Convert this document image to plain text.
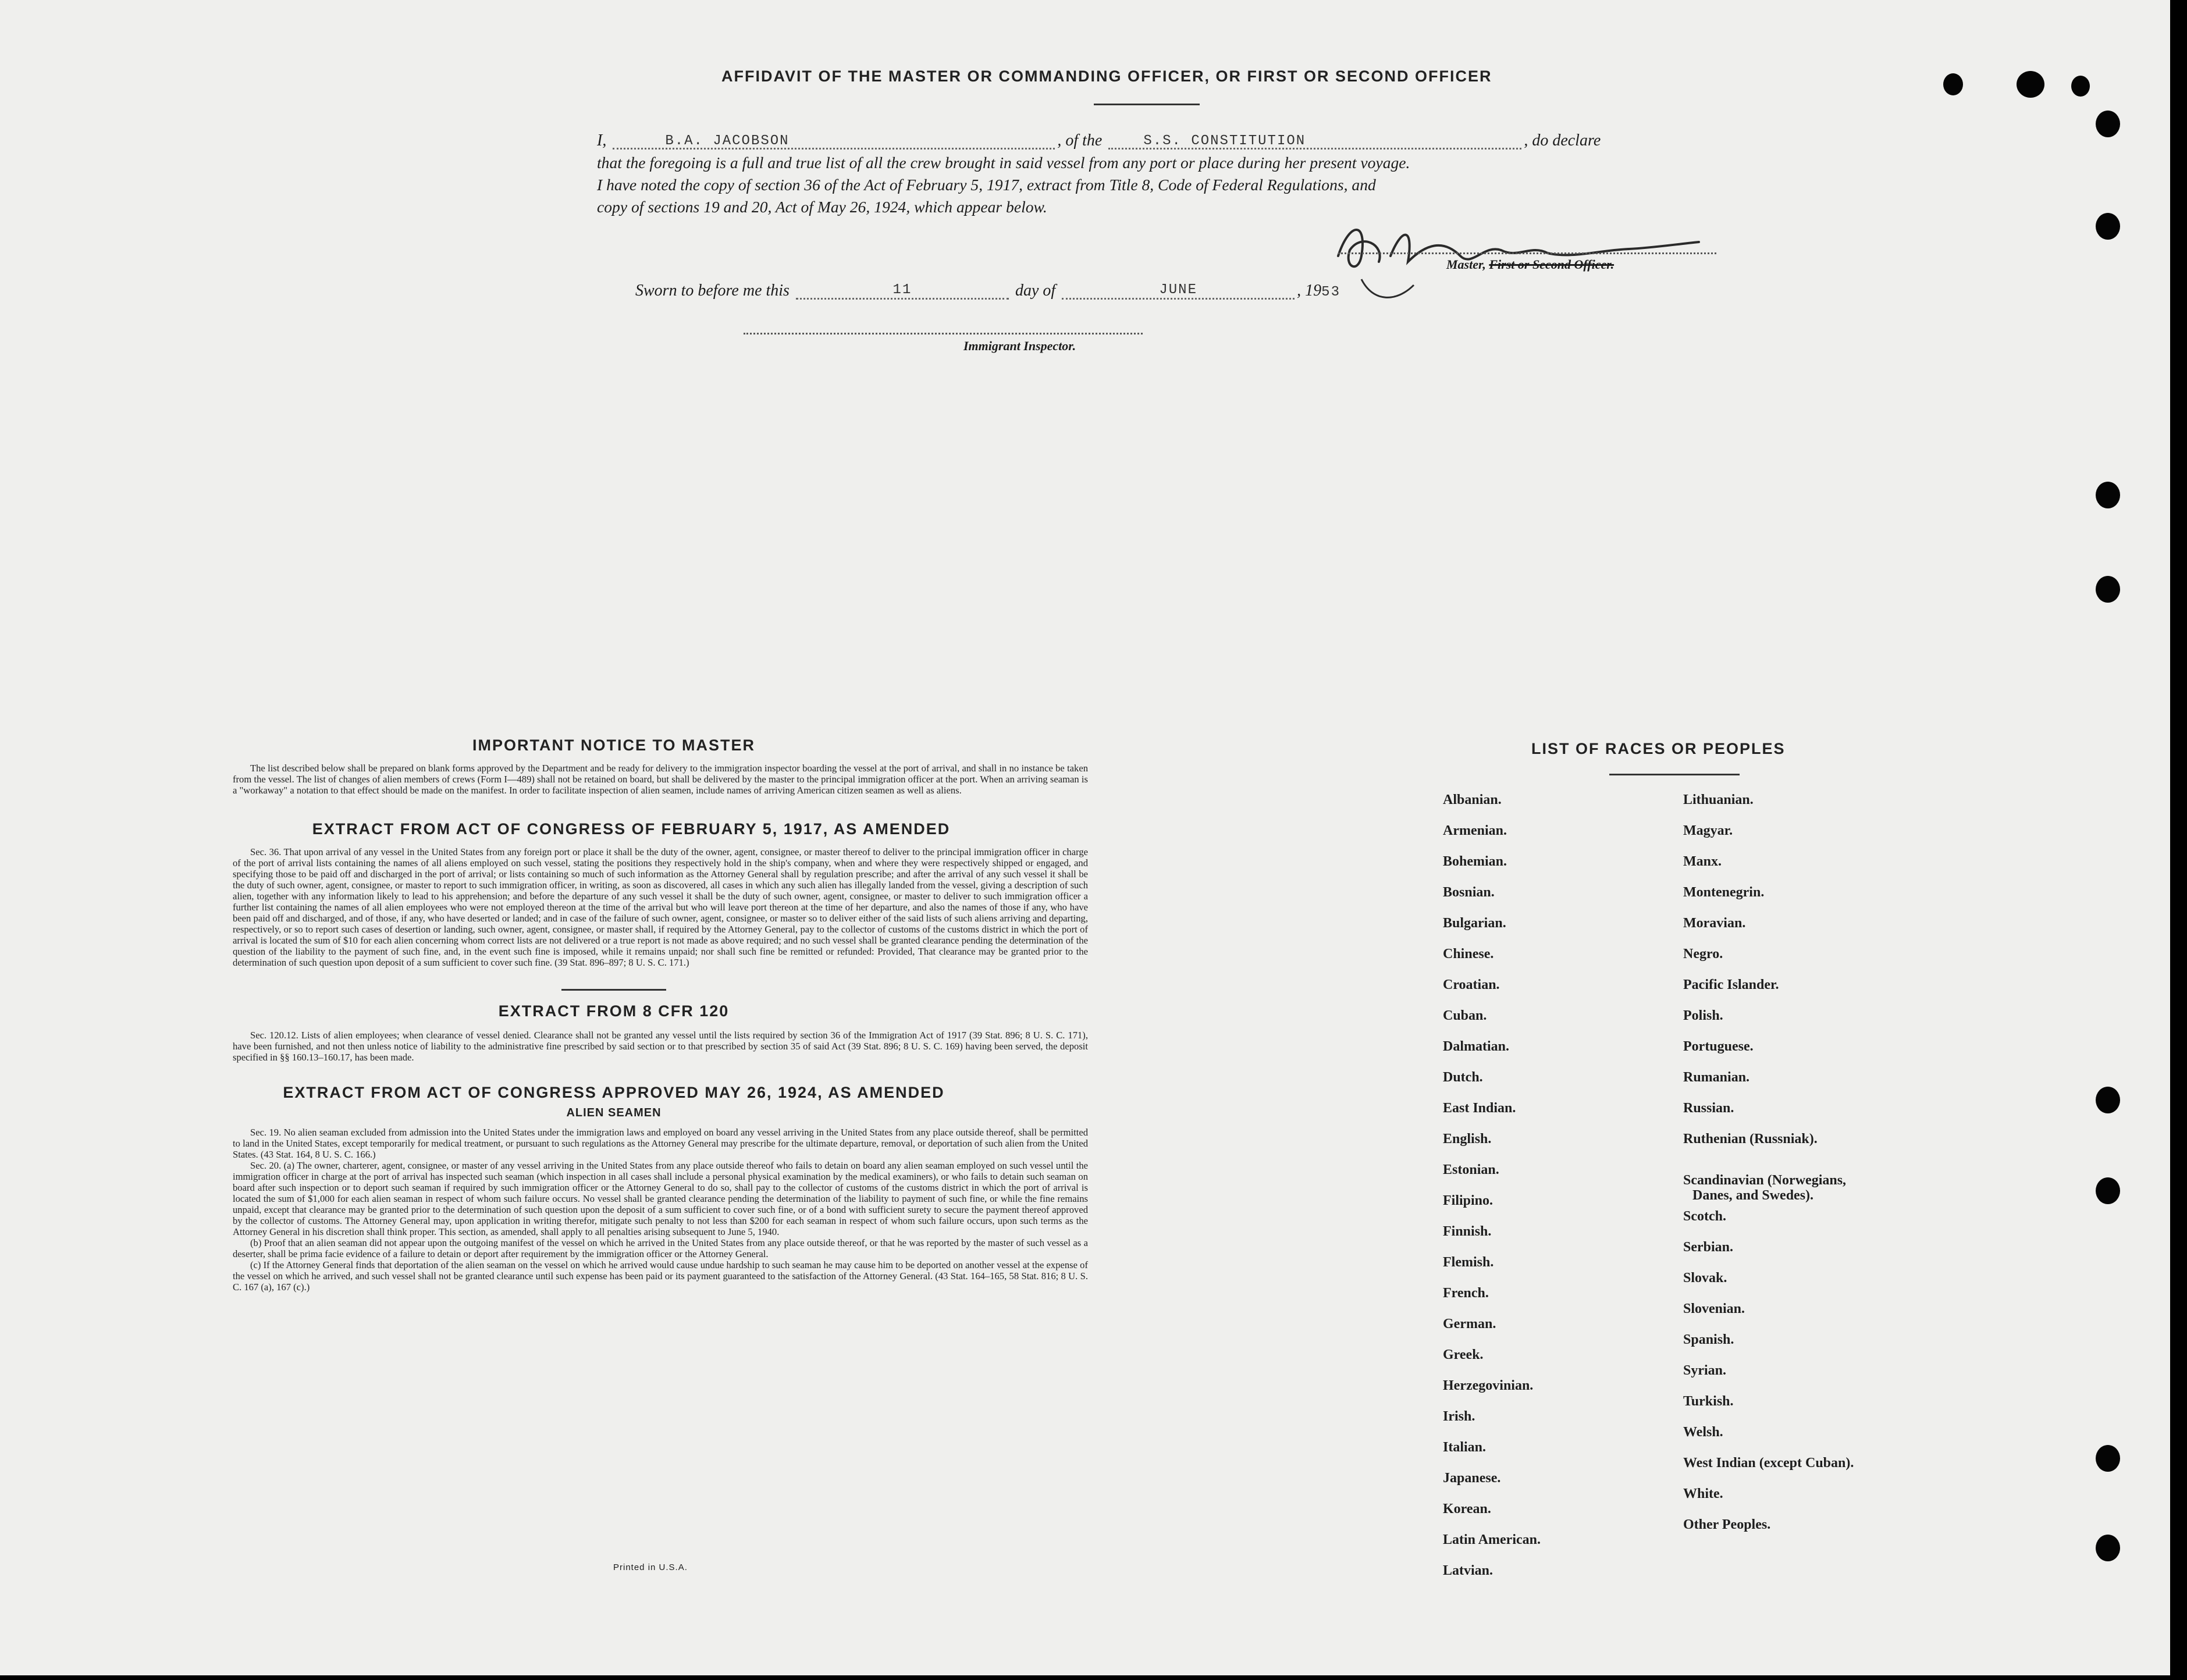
AFFIDAVIT OF THE MASTER OR COMMANDING OFFICER, OR FIRST OR SECOND OFFICER
I,	B.A. JACOBSON	, of the	S.S. CONSTITUTION	, do declare
that the foregoing is a full and true list of all the crew brought in said vessel from any port or place during her present voyage.
I have noted the copy of section 36 of the Act of February 5, 1917, extract from Title 8, Code of Federal Regulations, and
copy of sections 19 and 20, Act of May 26, 1924, which appear below.
Master, First or Second Officer.
Sworn to before me this	11	day of	JUNE	, 1953
Immigrant Inspector.
IMPORTANT NOTICE TO MASTER
The list described below shall be prepared on blank forms approved by the Department and be ready for delivery to the immigration inspector boarding the vessel at the port of arrival, and shall in no instance be taken from the vessel. The list of changes of alien members of crews (Form I—489) shall not be retained on board, but shall be delivered by the master to the principal immigration officer at the port. When an arriving seaman is a "workaway" a notation to that effect should be made on the manifest. In order to facilitate inspection of alien seamen, include names of arriving American citizen seamen as well as aliens.
EXTRACT FROM ACT OF CONGRESS OF FEBRUARY 5, 1917, AS AMENDED
Sec. 36. That upon arrival of any vessel in the United States from any foreign port or place it shall be the duty of the owner, agent, consignee, or master thereof to deliver to the principal immigration officer in charge of the port of arrival lists containing the names of all aliens employed on such vessel, stating the positions they respectively hold in the ship's company, when and where they were respectively shipped or engaged, and specifying those to be paid off and discharged in the port of arrival; or lists containing so much of such information as the Attorney General shall by regulation prescribe; and after the arrival of any such vessel it shall be the duty of such owner, agent, consignee, or master to report to such immigration officer, in writing, as soon as discovered, all cases in which any such alien has illegally landed from the vessel, giving a description of such alien, together with any information likely to lead to his apprehension; and before the departure of any such vessel it shall be the duty of such owner, agent, consignee, or master to deliver to such immigration officer a further list containing the names of all alien employees who were not employed thereon at the time of the arrival but who will leave port thereon at the time of her departure, and also the names of those if any, who have been paid off and discharged, and of those, if any, who have deserted or landed; and in case of the failure of such owner, agent, consignee, or master so to deliver either of the said lists of such aliens arriving and departing, respectively, or so to report such cases of desertion or landing, such owner, agent, consignee, or master shall, if required by the Attorney General, pay to the collector of customs of the customs district in which the port of arrival is located the sum of $10 for each alien concerning whom correct lists are not delivered or a true report is not made as above required; and no such vessel shall be granted clearance pending the determination of the question of the liability to the payment of such fine, and, in the event such fine is imposed, while it remains unpaid; nor shall such fine be remitted or refunded: Provided, That clearance may be granted prior to the determination of such question upon deposit of a sum sufficient to cover such fine. (39 Stat. 896–897; 8 U. S. C. 171.)
EXTRACT FROM 8 CFR 120
Sec. 120.12. Lists of alien employees; when clearance of vessel denied. Clearance shall not be granted any vessel until the lists required by section 36 of the Immigration Act of 1917 (39 Stat. 896; 8 U. S. C. 171), have been furnished, and not then unless notice of liability to the administrative fine prescribed by said section or to that prescribed by section 35 of said Act (39 Stat. 896; 8 U. S. C. 169) having been served, the deposit specified in §§ 160.13–160.17, has been made.
EXTRACT FROM ACT OF CONGRESS APPROVED MAY 26, 1924, AS AMENDED
ALIEN SEAMEN

Sec. 19. No alien seaman excluded from admission into the United States under the immigration laws and employed on board any vessel arriving in the United States from any place outside thereof, shall be permitted to land in the United States, except temporarily for medical treatment, or pursuant to such regulations as the Attorney General may prescribe for the ultimate departure, removal, or deportation of such alien from the United States. (43 Stat. 164, 8 U. S. C. 166.)

Sec. 20. (a) The owner, charterer, agent, consignee, or master of any vessel arriving in the United States from any place outside thereof who fails to detain on board any alien seaman employed on such vessel until the immigration officer in charge at the port of arrival has inspected such seaman (which inspection in all cases shall include a personal physical examination by the medical examiners), or who fails to detain such seaman on board after such inspection or to deport such seaman if required by such immigration officer or the Attorney General to do so, shall pay to the collector of customs of the customs district in which the port of arrival is located the sum of $1,000 for each alien seaman in respect of whom such failure occurs. No vessel shall be granted clearance pending the determination of the liability to payment of such fine, or while the fine remains unpaid, except that clearance may be granted prior to the determination of such question upon the deposit of a sum sufficient to cover such fine, or of a bond with sufficient surety to secure the payment thereof approved by the collector of customs. The Attorney General may, upon application in writing therefor, mitigate such penalty to not less than $200 for each seaman in respect of whom such failure occurs, upon such terms as the Attorney General in his discretion shall think proper. This section, as amended, shall apply to all penalties arising subsequent to June 5, 1940.

(b) Proof that an alien seaman did not appear upon the outgoing manifest of the vessel on which he arrived in the United States from any place outside thereof, or that he was reported by the master of such vessel as a deserter, shall be prima facie evidence of a failure to detain or deport after requirement by the immigration officer or the Attorney General.

(c) If the Attorney General finds that deportation of the alien seaman on the vessel on which he arrived would cause undue hardship to such seaman he may cause him to be deported on another vessel at the expense of the vessel on which he arrived, and such vessel shall not be granted clearance until such expense has been paid or its payment guaranteed to the satisfaction of the Attorney General. (43 Stat. 164–165, 58 Stat. 816; 8 U. S. C. 167 (a), 167 (c).)

Printed in U.S.A.
LIST OF RACES OR PEOPLES
Albanian.
Armenian.
Bohemian.
Bosnian.
Bulgarian.
Chinese.
Croatian.
Cuban.
Dalmatian.
Dutch.
East Indian.
English.
Estonian.
Filipino.
Finnish.
Flemish.
French.
German.
Greek.
Herzegovinian.
Irish.
Italian.
Japanese.
Korean.
Latin American.
Latvian.
Lithuanian.
Magyar.
Manx.
Montenegrin.
Moravian.
Negro.
Pacific Islander.
Polish.
Portuguese.
Rumanian.
Russian.
Ruthenian (Russniak).
Scandinavian (Norwegians,
Danes, and Swedes).
Scotch.
Serbian.
Slovak.
Slovenian.
Spanish.
Syrian.
Turkish.
Welsh.
West Indian (except Cuban).
White.
Other Peoples.
